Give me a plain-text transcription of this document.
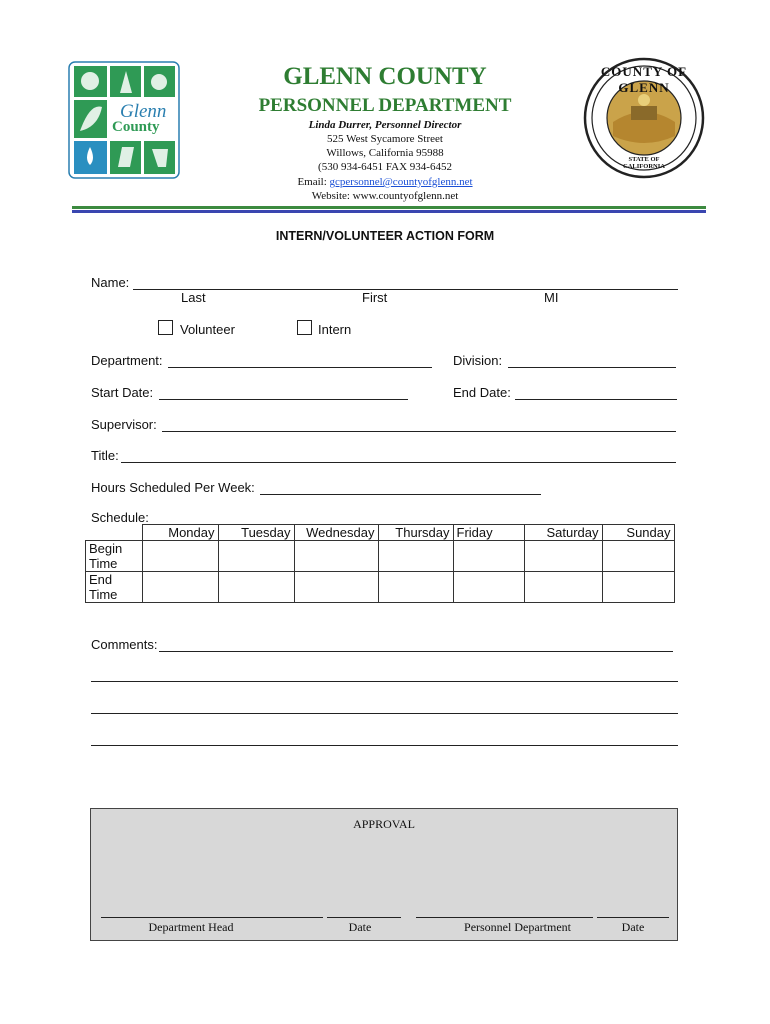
Glenn
County
GLENN COUNTY
PERSONNEL DEPARTMENT
Linda Durrer, Personnel Director
525 West Sycamore Street
Willows, California 95988
(530 934-6451 FAX 934-6452
Email: gcpersonnel@countyofglenn.net
Website: www.countyofglenn.net
COUNTY OF GLENN
STATE OF CALIFORNIA
INTERN/VOLUNTEER ACTION FORM
Name:
Last	First	MI
Volunteer	Intern
Department:	Division:
Start Date:	End Date:
Supervisor:
Title:
Hours Scheduled Per Week:
Schedule:
	Monday	Tuesday	Wednesday	Thursday	Friday	Saturday	Sunday
Begin Time							
End Time							
Comments:
APPROVAL
Department Head	Date	Personnel Department	Date
